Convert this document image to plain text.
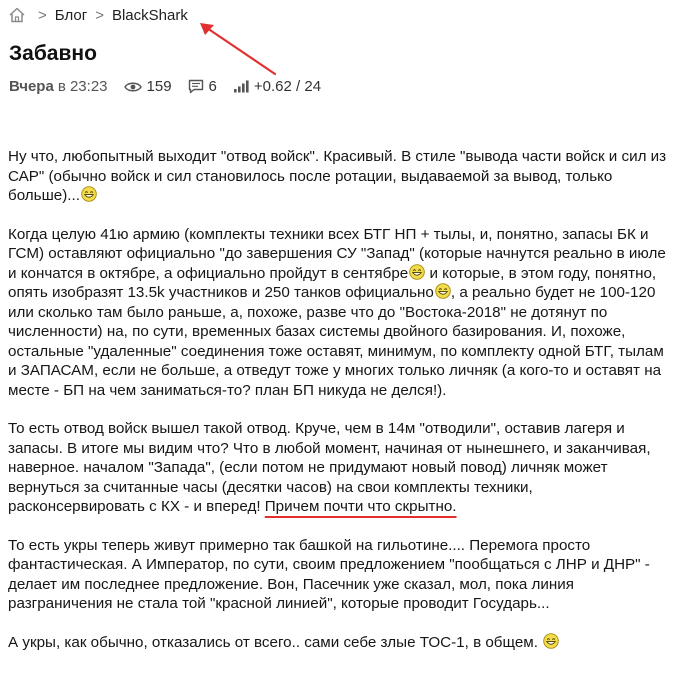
> Блог > BlackShark
Забавно
Вчера в 23:23	159 6 +0.62 / 24

Ну что, любопытный выходит "отвод войск". Красивый. В стиле "вывода части войск и сил из САР" (обычно войск и сил становилось после ротации, выдаваемой за вывод, только больше)...

Когда целую 41ю армию (комплекты техники всех БТГ НП + тылы, и, понятно, запасы БК и ГСМ) оставляют официально "до завершения СУ "Запад" (которые начнутся реально в июле и кончатся в октябре, а официально пройдут в сентябре и которые, в этом году, понятно, опять изобразят 13.5k участников и 250 танков официально , а реально будет не 100-120 или сколько там было раньше, а, похоже, разве что до "Востока-2018" не дотянут по численности) на, по сути, временных базах системы двойного базирования. И, похоже, остальные "удаленные" соединения тоже оставят, минимум, по комплекту одной БТГ, тылам и ЗАПАСАМ, если не больше, а отведут тоже у многих только личняк (а кого-то и оставят на месте - БП на чем заниматься-то? план БП никуда не делся!).

То есть отвод войск вышел такой отвод. Круче, чем в 14м "отводили", оставив лагеря и запасы. В итоге мы видим что? Что в любой момент, начиная от нынешнего, и заканчивая, наверное. началом "Запада", (если потом не придумают новый повод) личняк может вернуться за считанные часы (десятки часов) на свои комплекты техники, расконсервировать с КХ - и вперед! Причем почти что скрытно.

То есть укры теперь живут примерно так башкой на гильотине.... Перемога просто фантастическая. А Император, по сути, своим предложением "пообщаться с ЛНР и ДНР" - делает им последнее предложение. Вон, Пасечник уже сказал, мол, пока линия разграничения не стала той "красной линией", которые проводит Государь...

А укры, как обычно, отказались от всего.. сами себе злые ТОС-1, в общем.
